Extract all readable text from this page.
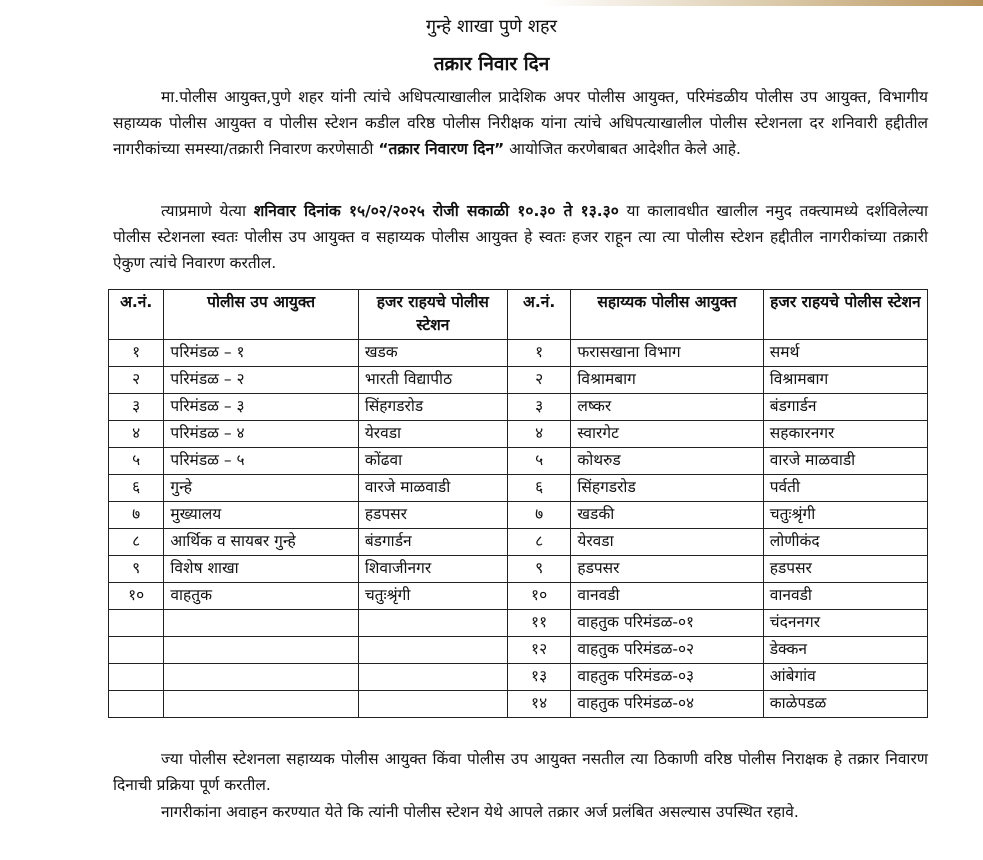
गुन्हे शाखा पुणे शहर
तक्रार निवार दिन
मा.पोलीस आयुक्त,पुणे शहर यांनी त्यांचे अधिपत्याखालील प्रादेशिक अपर पोलीस आयुक्त, परिमंडळीय पोलीस उप आयुक्त, विभागीय सहाय्यक पोलीस आयुक्त व पोलीस स्टेशन कडील वरिष्ठ पोलीस निरीक्षक यांना त्यांचे अधिपत्याखालील पोलीस स्टेशनला दर शनिवारी हद्दीतील नागरीकांच्या समस्या/तक्रारी निवारण करणेसाठी “तक्रार निवारण दिन” आयोजित करणेबाबत आदेशीत केले आहे.
त्याप्रमाणे येत्या शनिवार दिनांक १५/०२/२०२५ रोजी सकाळी १०.३० ते १३.३० या कालावधीत खालील नमुद तक्त्यामध्ये दर्शविलेल्या पोलीस स्टेशनला स्वतः पोलीस उप आयुक्त व सहाय्यक पोलीस आयुक्त हे स्वतः हजर राहून त्या त्या पोलीस स्टेशन हद्दीतील नागरीकांच्या तक्रारी ऐकुण त्यांचे निवारण करतील.
अ.नं.	पोलीस उप आयुक्त	हजर राहयचे पोलीस स्टेशन	अ.नं.	सहाय्यक पोलीस आयुक्त	हजर राहयचे पोलीस स्टेशन
१	परिमंडळ – १	खडक	१	फरासखाना विभाग	समर्थ
२	परिमंडळ – २	भारती विद्यापीठ	२	विश्रामबाग	विश्रामबाग
३	परिमंडळ – ३	सिंहगडरोड	३	लष्कर	बंडगार्डन
४	परिमंडळ – ४	येरवडा	४	स्वारगेट	सहकारनगर
५	परिमंडळ – ५	कोंढवा	५	कोथरुड	वारजे माळवाडी
६	गुन्हे	वारजे माळवाडी	६	सिंहगडरोड	पर्वती
७	मुख्यालय	हडपसर	७	खडकी	चतुःश्रृंगी
८	आर्थिक व सायबर गुन्हे	बंडगार्डन	८	येरवडा	लोणीकंद
९	विशेष शाखा	शिवाजीनगर	९	हडपसर	हडपसर
१०	वाहतुक	चतुःश्रृंगी	१०	वानवडी	वानवडी
			११	वाहतुक परिमंडळ-०१	चंदननगर
			१२	वाहतुक परिमंडळ-०२	डेक्कन
			१३	वाहतुक परिमंडळ-०३	आंबेगांव
			१४	वाहतुक परिमंडळ-०४	काळेपडळ
ज्या पोलीस स्टेशनला सहाय्यक पोलीस आयुक्त किंवा पोलीस उप आयुक्त नसतील त्या ठिकाणी वरिष्ठ पोलीस निराक्षक हे तक्रार निवारण दिनाची प्रक्रिया पूर्ण करतील.
नागरीकांना अवाहन करण्यात येते कि त्यांनी पोलीस स्टेशन येथे आपले तक्रार अर्ज प्रलंबित असल्यास उपस्थित रहावे.
